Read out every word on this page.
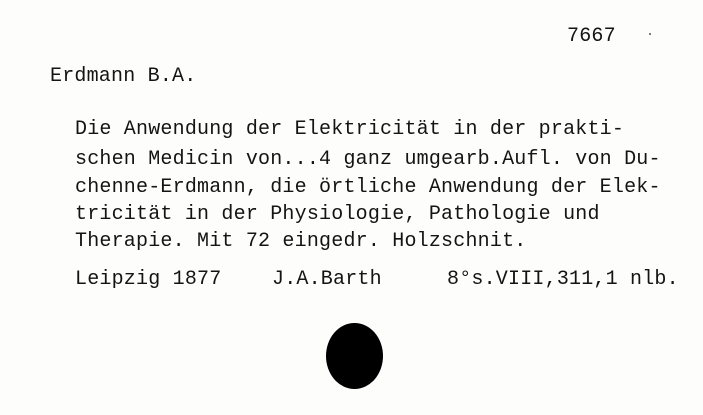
7667
Erdmann B.A.
Die Anwendung der Elektricität in der prakti-
schen Medicin von...4 ganz umgearb.Aufl. von Du-
chenne-Erdmann, die örtliche Anwendung der Elek-
tricität in der Physiologie, Pathologie und
Therapie. Mit 72 eingedr. Holzschnit.
Leipzig 1877	J.A.Barth	8°s.VIII,311,1 nlb.
